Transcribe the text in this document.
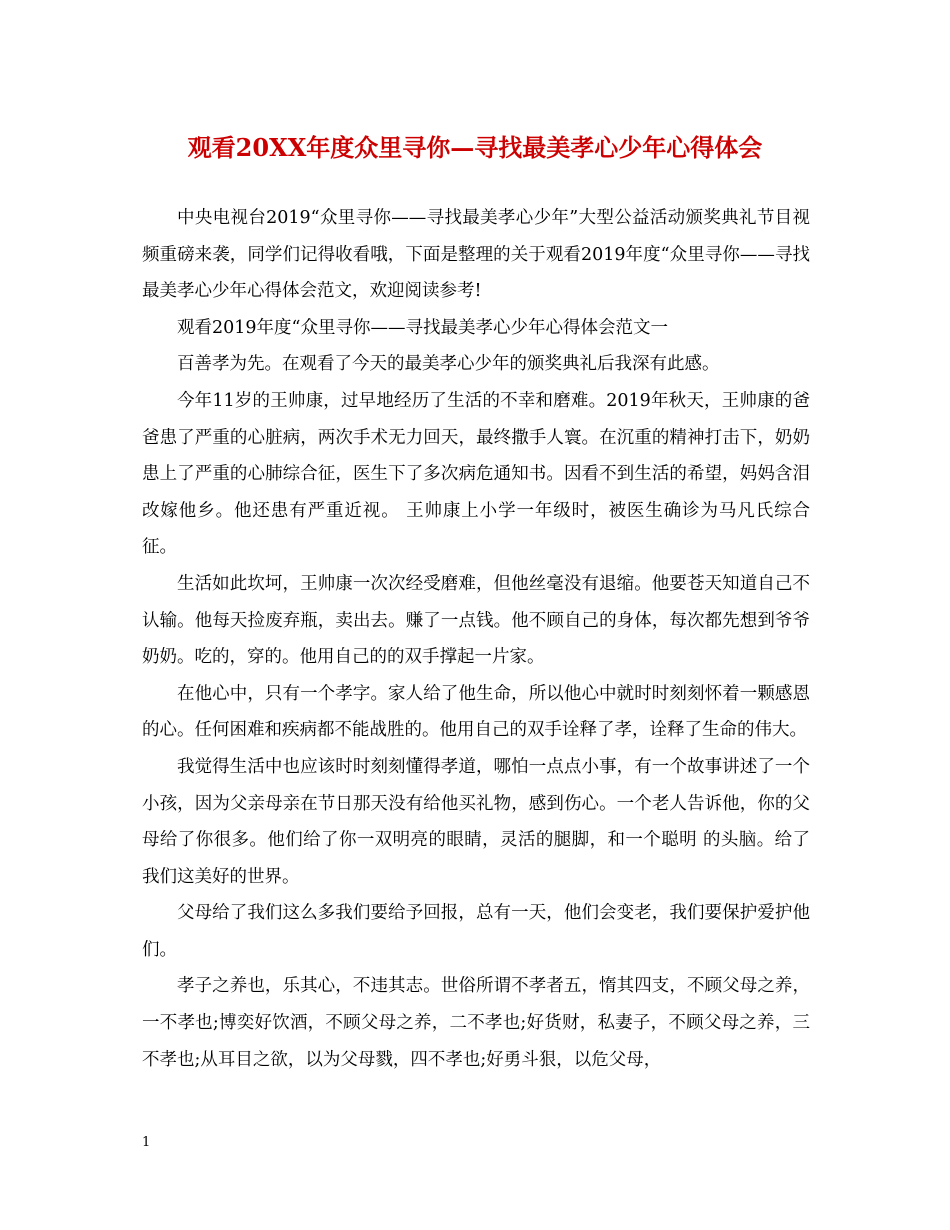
观看20XX年度众里寻你—寻找最美孝心少年心得体会

中央电视台2019“众里寻你——寻找最美孝心少年”大型公益活动颁奖典礼节目视频重磅来袭，同学们记得收看哦，下面是整理的关于观看2019年度“众里寻你——寻找最美孝心少年心得体会范文，欢迎阅读参考!

观看2019年度“众里寻你——寻找最美孝心少年心得体会范文一

百善孝为先。在观看了今天的最美孝心少年的颁奖典礼后我深有此感。

今年11岁的王帅康，过早地经历了生活的不幸和磨难。2019年秋天，王帅康的爸爸患了严重的心脏病，两次手术无力回天，最终撒手人寰。在沉重的精神打击下，奶奶患上了严重的心肺综合征，医生下了多次病危通知书。因看不到生活的希望，妈妈含泪改嫁他乡。他还患有严重近视。 王帅康上小学一年级时，被医生确诊为马凡氏综合征。

生活如此坎坷，王帅康一次次经受磨难，但他丝毫没有退缩。他要苍天知道自己不认输。他每天捡废弃瓶，卖出去。赚了一点钱。他不顾自己的身体，每次都先想到爷爷奶奶。吃的，穿的。他用自己的的双手撑起一片家。

在他心中，只有一个孝字。家人给了他生命，所以他心中就时时刻刻怀着一颗感恩的心。任何困难和疾病都不能战胜的。他用自己的双手诠释了孝，诠释了生命的伟大。

我觉得生活中也应该时时刻刻懂得孝道，哪怕一点点小事，有一个故事讲述了一个小孩，因为父亲母亲在节日那天没有给他买礼物，感到伤心。一个老人告诉他，你的父母给了你很多。他们给了你一双明亮的眼睛，灵活的腿脚，和一个聪明 的头脑。给了我们这美好的世界。

父母给了我们这么多我们要给予回报，总有一天，他们会变老，我们要保护爱护他们。

孝子之养也，乐其心，不违其志。世俗所谓不孝者五，惰其四支，不顾父母之养，一不孝也;博奕好饮酒，不顾父母之养，二不孝也;好货财，私妻子，不顾父母之养，三不孝也;从耳目之欲，以为父母戮，四不孝也;好勇斗狠，以危父母，

1
